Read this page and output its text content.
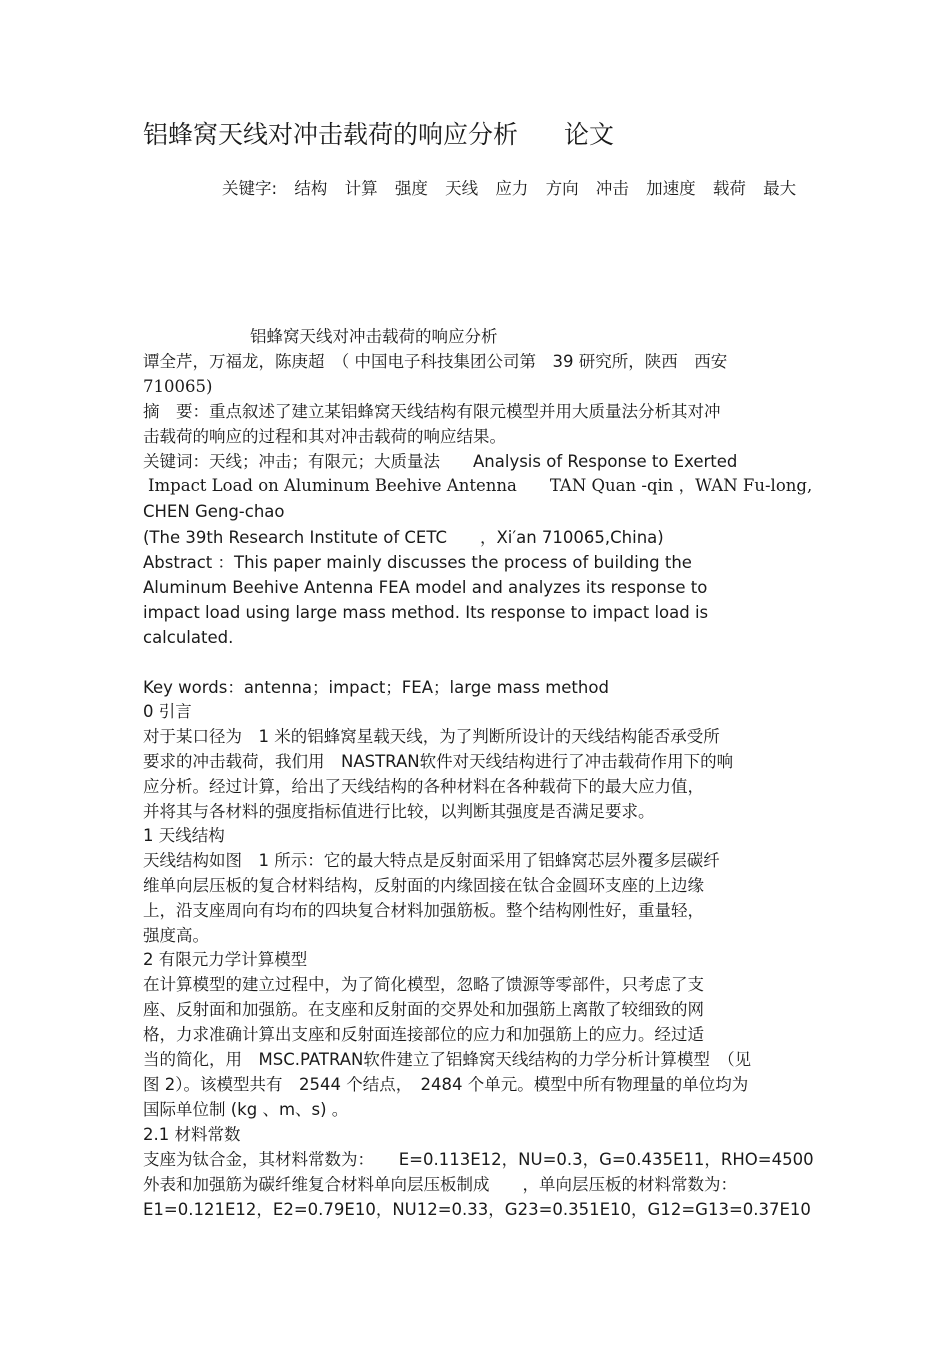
铝蜂窝天线对冲击载荷的响应分析 论文
关键字: 结构 计算 强度 天线 应力 方向 冲击 加速度 载荷 最大
铝蜂窝天线对冲击载荷的响应分析
谭全芹，万福龙，陈庚超　（ 中国电子科技集团公司第　39 研究所，陕西　西安
710065)
摘　要：重点叙述了建立某铝蜂窝天线结构有限元模型并用大质量法分析其对冲
击载荷的响应的过程和其对冲击载荷的响应结果。
关键词：天线；冲击；有限元；大质量法　　Analysis of Response to Exerted
Impact Load on Aluminum Beehive Antenna　　TAN Quan -qin ，WAN Fu-long,
CHEN Geng-chao
(The 39th Research Institute of CETC　　，Xi′an 710065,China)
Abstract ：This paper mainly discusses the process of building the
Aluminum Beehive Antenna FEA model and analyzes its response to
impact load using large mass method. Its response to impact load is
calculated.
Key words：antenna；impact；FEA；large mass method
0 引言
对于某口径为　1 米的铝蜂窝星载天线，为了判断所设计的天线结构能否承受所
要求的冲击载荷，我们用　NASTRAN软件对天线结构进行了冲击载荷作用下的响
应分析。经过计算，给出了天线结构的各种材料在各种载荷下的最大应力值，
并将其与各材料的强度指标值进行比较，以判断其强度是否满足要求。
1 天线结构
天线结构如图　1 所示：它的最大特点是反射面采用了铝蜂窝芯层外覆多层碳纤
维单向层压板的复合材料结构，反射面的内缘固接在钛合金圆环支座的上边缘
上，沿支座周向有均布的四块复合材料加强筋板。整个结构刚性好，重量轻，
强度高。
2 有限元力学计算模型
在计算模型的建立过程中，为了简化模型，忽略了馈源等零部件，只考虑了支
座、反射面和加强筋。在支座和反射面的交界处和加强筋上离散了较细致的网
格，力求准确计算出支座和反射面连接部位的应力和加强筋上的应力。经过适
当的简化，用　MSC.PATRAN软件建立了铝蜂窝天线结构的力学分析计算模型　（见
图 2）。该模型共有　2544 个结点，　2484 个单元。模型中所有物理量的单位均为
国际单位制 (kg 、m、s) 。
2.1 材料常数
支座为钛合金，其材料常数为：　　E=0.113E12，NU=0.3，G=0.435E11，RHO=4500
外表和加强筋为碳纤维复合材料单向层压板制成　　，单向层压板的材料常数为：
E1=0.121E12，E2=0.79E10，NU12=0.33，G23=0.351E10，G12=G13=0.37E10
